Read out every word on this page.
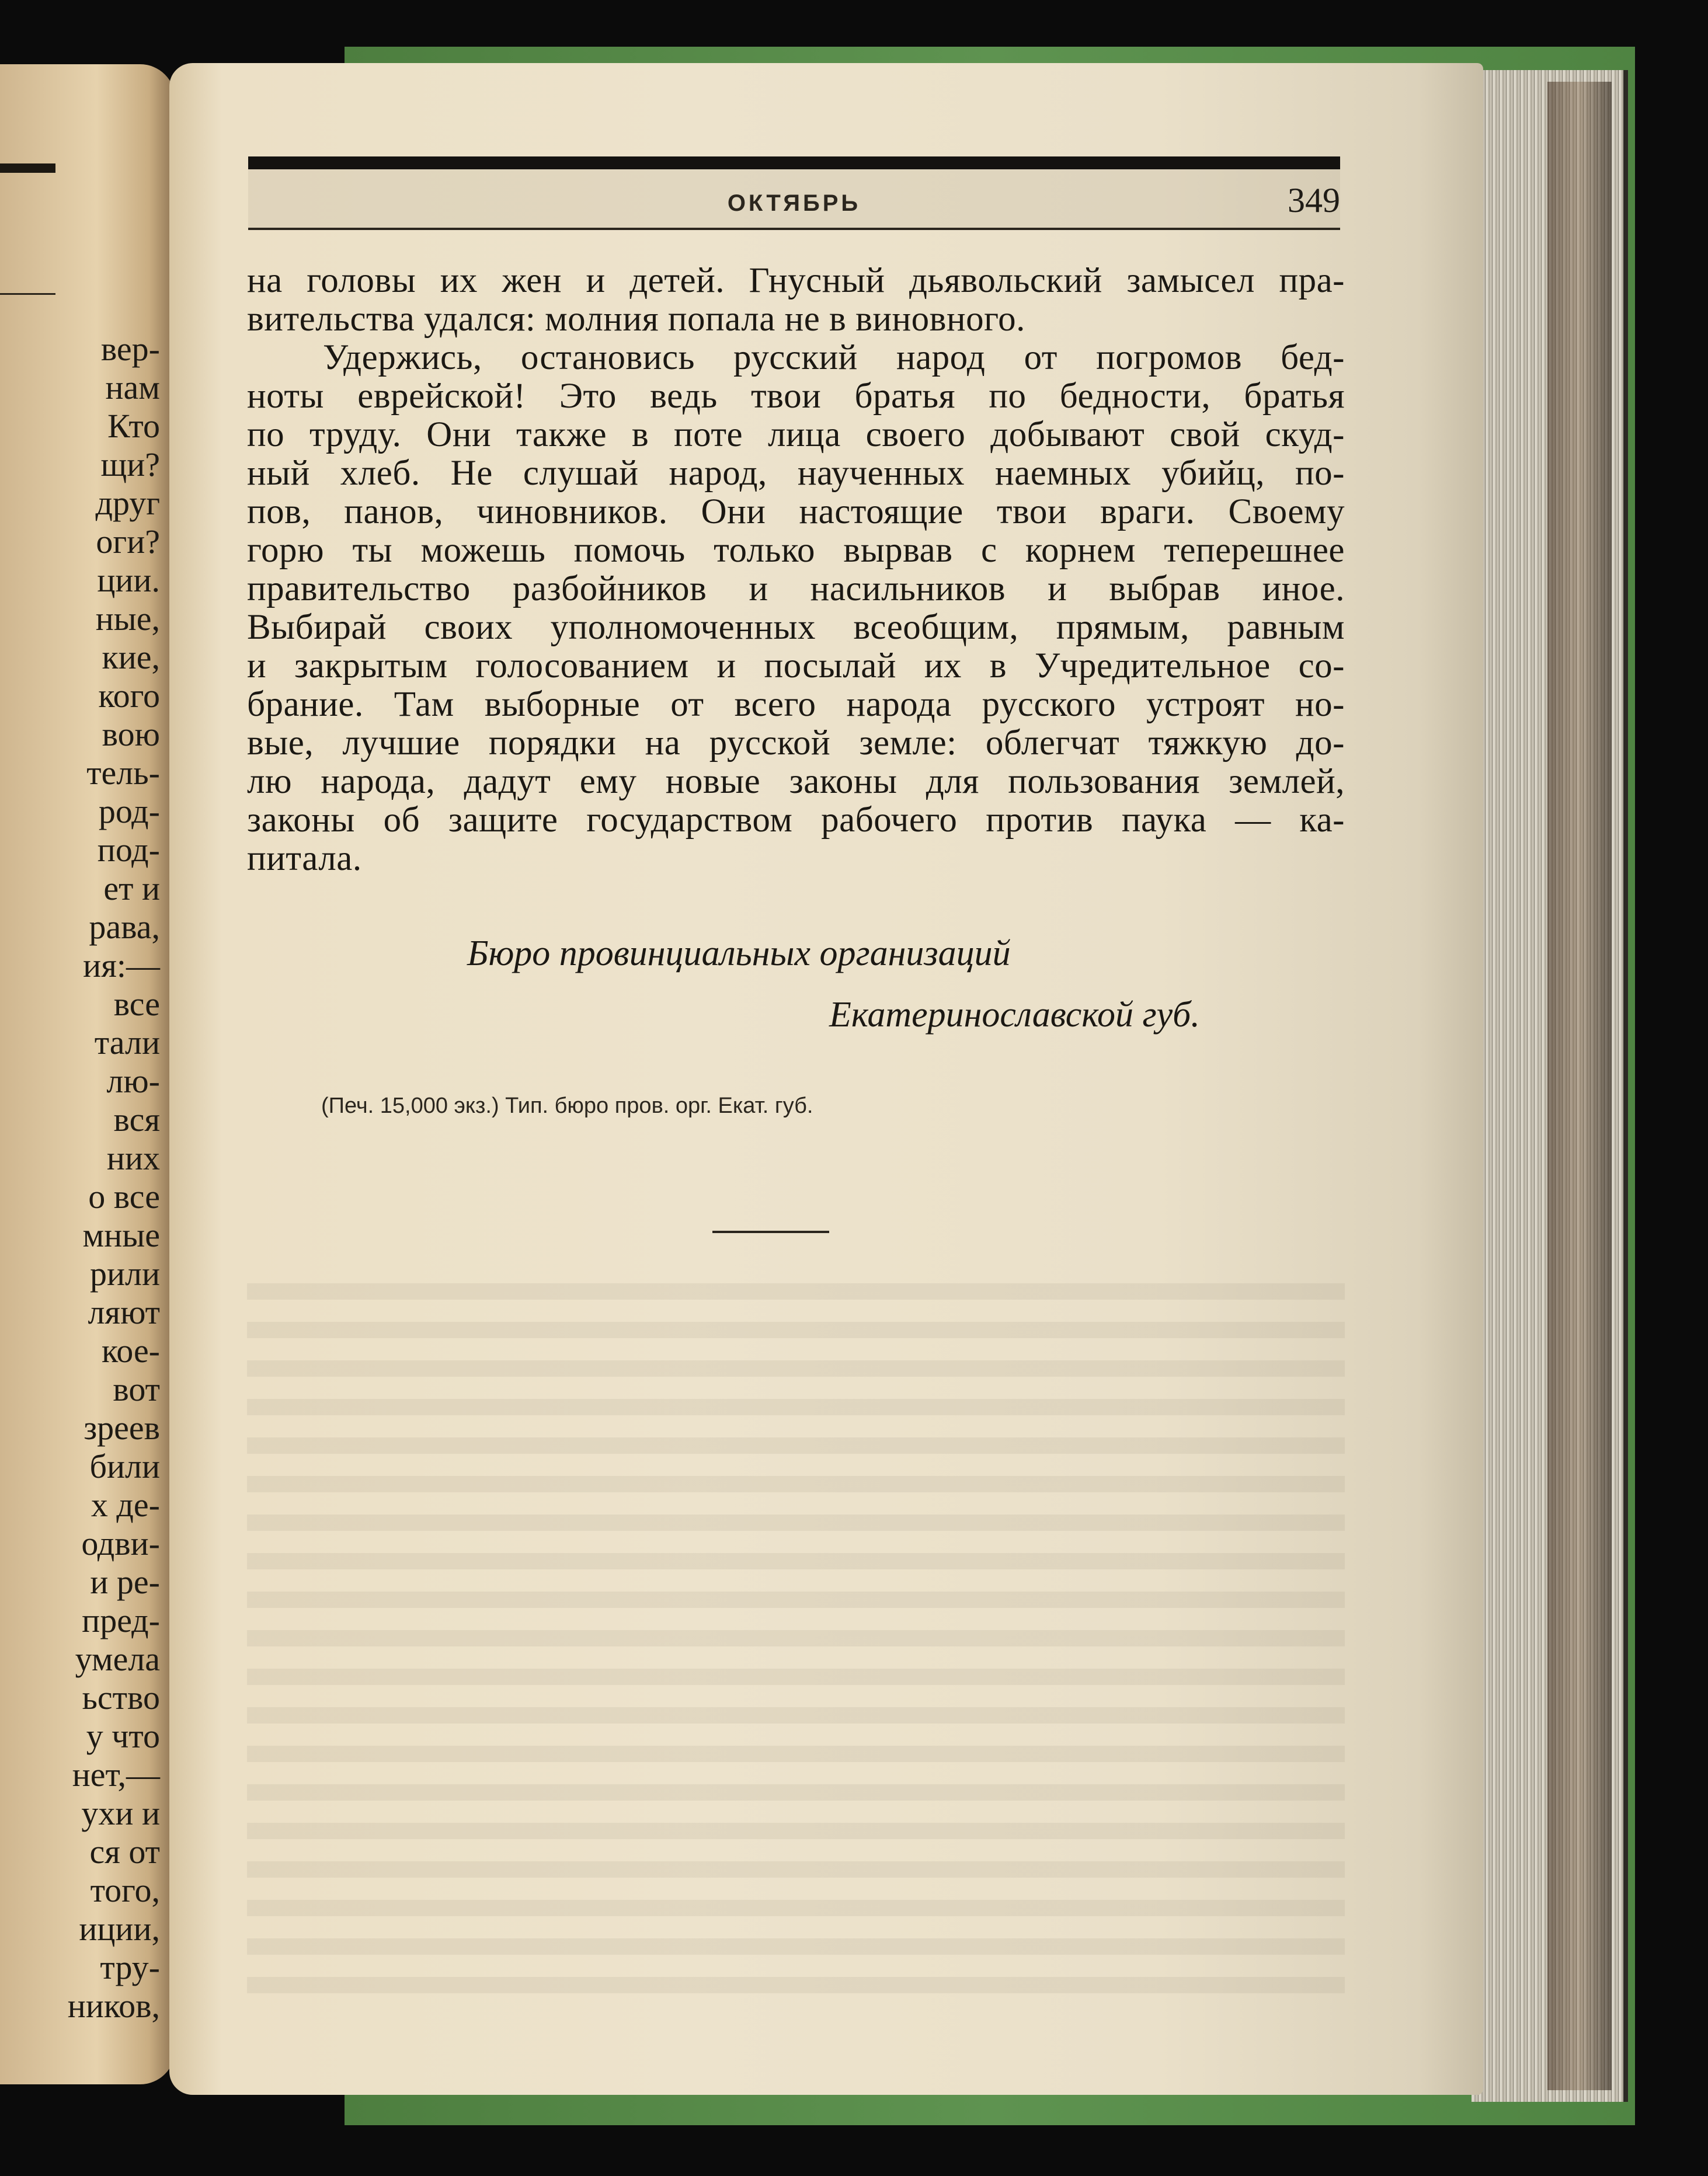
вер-
нам
Кто
щи?
друг
оги?
ции.
ные,
кие,
кого
вою
тель-
род-
под-
ет и
рава,
ия:—
все
тали
лю-
вся
них
о все
мные
рили
ляют
кое-
вот
зреев
били
х де-
одви-
и ре-
пред-
умела
ьство
у что
нет,—
ухи и
ся от
того,
иции,
тру-
ников,
ОКТЯБРЬ	349
на головы их жен и детей. Гнусный дьявольский замысел пра-
вительства удался: молния попала не в виновного.
Удержись, остановись русский народ от погромов бед-
ноты еврейской! Это ведь твои братья по бедности, братья
по труду. Они также в поте лица своего добывают свой скуд-
ный хлеб. Не слушай народ, наученных наемных убийц, по-
пов, панов, чиновников. Они настоящие твои враги. Своему
горю ты можешь помочь только вырвав с корнем теперешнее
правительство разбойников и насильников и выбрав иное.
Выбирай своих уполномоченных всеобщим, прямым, равным
и закрытым голосованием и посылай их в Учредительное со-
брание. Там выборные от всего народа русского устроят но-
вые, лучшие порядки на русской земле: облегчат тяжкую до-
лю народа, дадут ему новые законы для пользования землей,
законы об защите государством рабочего против паука — ка-
питала.
Бюро провинциальных организаций
Екатеринославской губ.
(Печ. 15,000 экз.) Тип. бюро пров. орг. Екат. губ.
